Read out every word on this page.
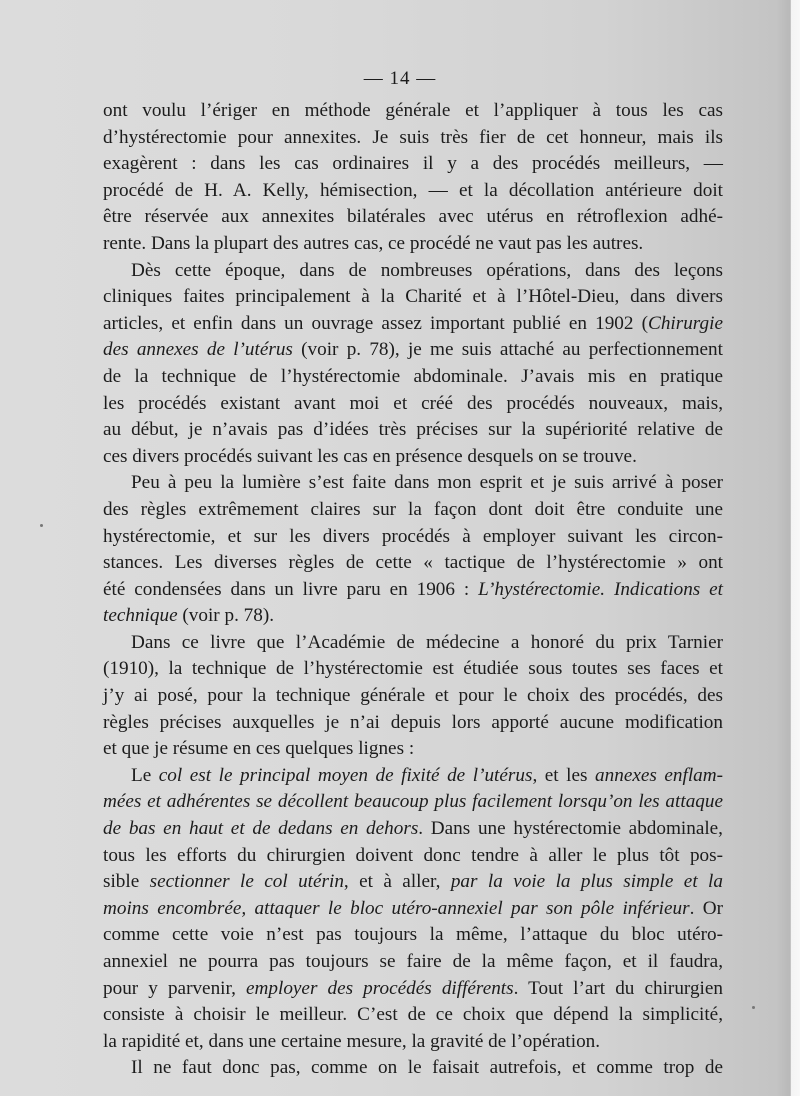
— 14 —
ont voulu l’ériger en méthode générale et l’appliquer à tous les cas
d’hystérectomie pour annexites. Je suis très fier de cet honneur, mais ils
exagèrent : dans les cas ordinaires il y a des procédés meilleurs, —
procédé de H. A. Kelly, hémisection, — et la décollation antérieure doit
être réservée aux annexites bilatérales avec utérus en rétroflexion adhé-
rente. Dans la plupart des autres cas, ce procédé ne vaut pas les autres.
Dès cette époque, dans de nombreuses opérations, dans des leçons
cliniques faites principalement à la Charité et à l’Hôtel-Dieu, dans divers
articles, et enfin dans un ouvrage assez important publié en 1902 (Chirurgie
des annexes de l’utérus (voir p. 78), je me suis attaché au perfectionnement
de la technique de l’hystérectomie abdominale. J’avais mis en pratique
les procédés existant avant moi et créé des procédés nouveaux, mais,
au début, je n’avais pas d’idées très précises sur la supériorité relative de
ces divers procédés suivant les cas en présence desquels on se trouve.
Peu à peu la lumière s’est faite dans mon esprit et je suis arrivé à poser
des règles extrêmement claires sur la façon dont doit être conduite une
hystérectomie, et sur les divers procédés à employer suivant les circon-
stances. Les diverses règles de cette « tactique de l’hystérectomie » ont
été condensées dans un livre paru en 1906 : L’hystérectomie. Indications et
technique (voir p. 78).
Dans ce livre que l’Académie de médecine a honoré du prix Tarnier
(1910), la technique de l’hystérectomie est étudiée sous toutes ses faces et
j’y ai posé, pour la technique générale et pour le choix des procédés, des
règles précises auxquelles je n’ai depuis lors apporté aucune modification
et que je résume en ces quelques lignes :
Le col est le principal moyen de fixité de l’utérus, et les annexes enflam-
mées et adhérentes se décollent beaucoup plus facilement lorsqu’on les attaque
de bas en haut et de dedans en dehors. Dans une hystérectomie abdominale,
tous les efforts du chirurgien doivent donc tendre à aller le plus tôt pos-
sible sectionner le col utérin, et à aller, par la voie la plus simple et la
moins encombrée, attaquer le bloc utéro-annexiel par son pôle inférieur. Or
comme cette voie n’est pas toujours la même, l’attaque du bloc utéro-
annexiel ne pourra pas toujours se faire de la même façon, et il faudra,
pour y parvenir, employer des procédés différents. Tout l’art du chirurgien
consiste à choisir le meilleur. C’est de ce choix que dépend la simplicité,
la rapidité et, dans une certaine mesure, la gravité de l’opération.
Il ne faut donc pas, comme on le faisait autrefois, et comme trop de
